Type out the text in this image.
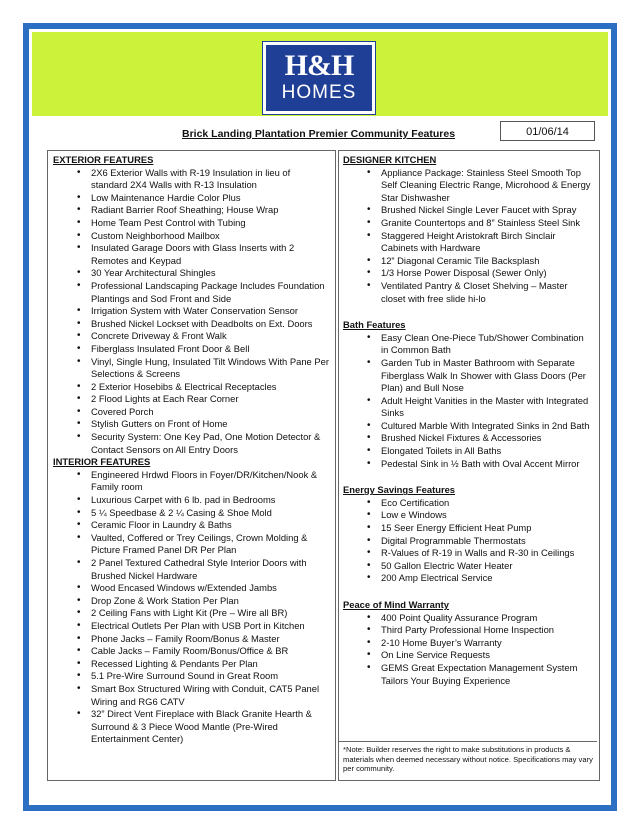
H&H
HOMES
Brick Landing Plantation Premier Community Features	01/06/14

EXTERIOR FEATURES

• 2X6 Exterior Walls with R-19 Insulation in lieu of standard 2X4 Walls with R-13 Insulation
• Low Maintenance Hardie Color Plus
• Radiant Barrier Roof Sheathing; House Wrap
• Home Team Pest Control with Tubing
• Custom Neighborhood Mailbox
• Insulated Garage Doors with Glass Inserts with 2 Remotes and Keypad
• 30 Year Architectural Shingles
• Professional Landscaping Package Includes Foundation Plantings and Sod Front and Side
• Irrigation System with Water Conservation Sensor
• Brushed Nickel Lockset with Deadbolts on Ext. Doors
• Concrete Driveway & Front Walk
• Fiberglass Insulated Front Door & Bell
• Vinyl, Single Hung, Insulated Tilt Windows With Pane Per Selections & Screens
• 2 Exterior Hosebibs & Electrical Receptacles
• 2 Flood Lights at Each Rear Corner
• Covered Porch
• Stylish Gutters on Front of Home
• Security System: One Key Pad, One Motion Detector & Contact Sensors on All Entry Doors

INTERIOR FEATURES

• Engineered Hrdwd Floors in Foyer/DR/Kitchen/Nook & Family room
• Luxurious Carpet with 6 lb. pad in Bedrooms
• 5 ¼ Speedbase & 2 ¼ Casing & Shoe Mold
• Ceramic Floor in Laundry & Baths
• Vaulted, Coffered or Trey Ceilings, Crown Molding & Picture Framed Panel DR Per Plan
• 2 Panel Textured Cathedral Style Interior Doors with Brushed Nickel Hardware
• Wood Encased Windows w/Extended Jambs
• Drop Zone & Work Station Per Plan
• 2 Ceiling Fans with Light Kit (Pre – Wire all BR)
• Electrical Outlets Per Plan with USB Port in Kitchen
• Phone Jacks – Family Room/Bonus & Master
• Cable Jacks – Family Room/Bonus/Office & BR
• Recessed Lighting & Pendants Per Plan
• 5.1 Pre-Wire Surround Sound in Great Room
• Smart Box Structured Wiring with Conduit, CAT5 Panel Wiring and RG6 CATV
• 32” Direct Vent Fireplace with Black Granite Hearth & Surround & 3 Piece Wood Mantle (Pre-Wired Entertainment Center)

DESIGNER KITCHEN

• Appliance Package: Stainless Steel Smooth Top Self Cleaning Electric Range, Microhood & Energy Star Dishwasher
• Brushed Nickel Single Lever Faucet with Spray
• Granite Countertops and 8” Stainless Steel Sink
• Staggered Height Aristokraft Birch Sinclair Cabinets with Hardware
• 12” Diagonal Ceramic Tile Backsplash
• 1/3 Horse Power Disposal (Sewer Only)
• Ventilated Pantry & Closet Shelving – Master closet with free slide hi-lo

Bath Features

• Easy Clean One-Piece Tub/Shower Combination in Common Bath
• Garden Tub in Master Bathroom with Separate Fiberglass Walk In Shower with Glass Doors (Per Plan) and Bull Nose
• Adult Height Vanities in the Master with Integrated Sinks
• Cultured Marble With Integrated Sinks in 2nd Bath
• Brushed Nickel Fixtures & Accessories
• Elongated Toilets in All Baths
• Pedestal Sink in ½ Bath with Oval Accent Mirror

Energy Savings Features

• Eco Certification
• Low e Windows
• 15 Seer Energy Efficient Heat Pump
• Digital Programmable Thermostats
• R-Values of R-19 in Walls and R-30 in Ceilings
• 50 Gallon Electric Water Heater
• 200 Amp Electrical Service

Peace of Mind Warranty

• 400 Point Quality Assurance Program
• Third Party Professional Home Inspection
• 2-10 Home Buyer’s Warranty
• On Line Service Requests
• GEMS Great Expectation Management System Tailors Your Buying Experience
*Note: Builder reserves the right to make substitutions in products & materials when deemed necessary without notice. Specifications may vary per community.
